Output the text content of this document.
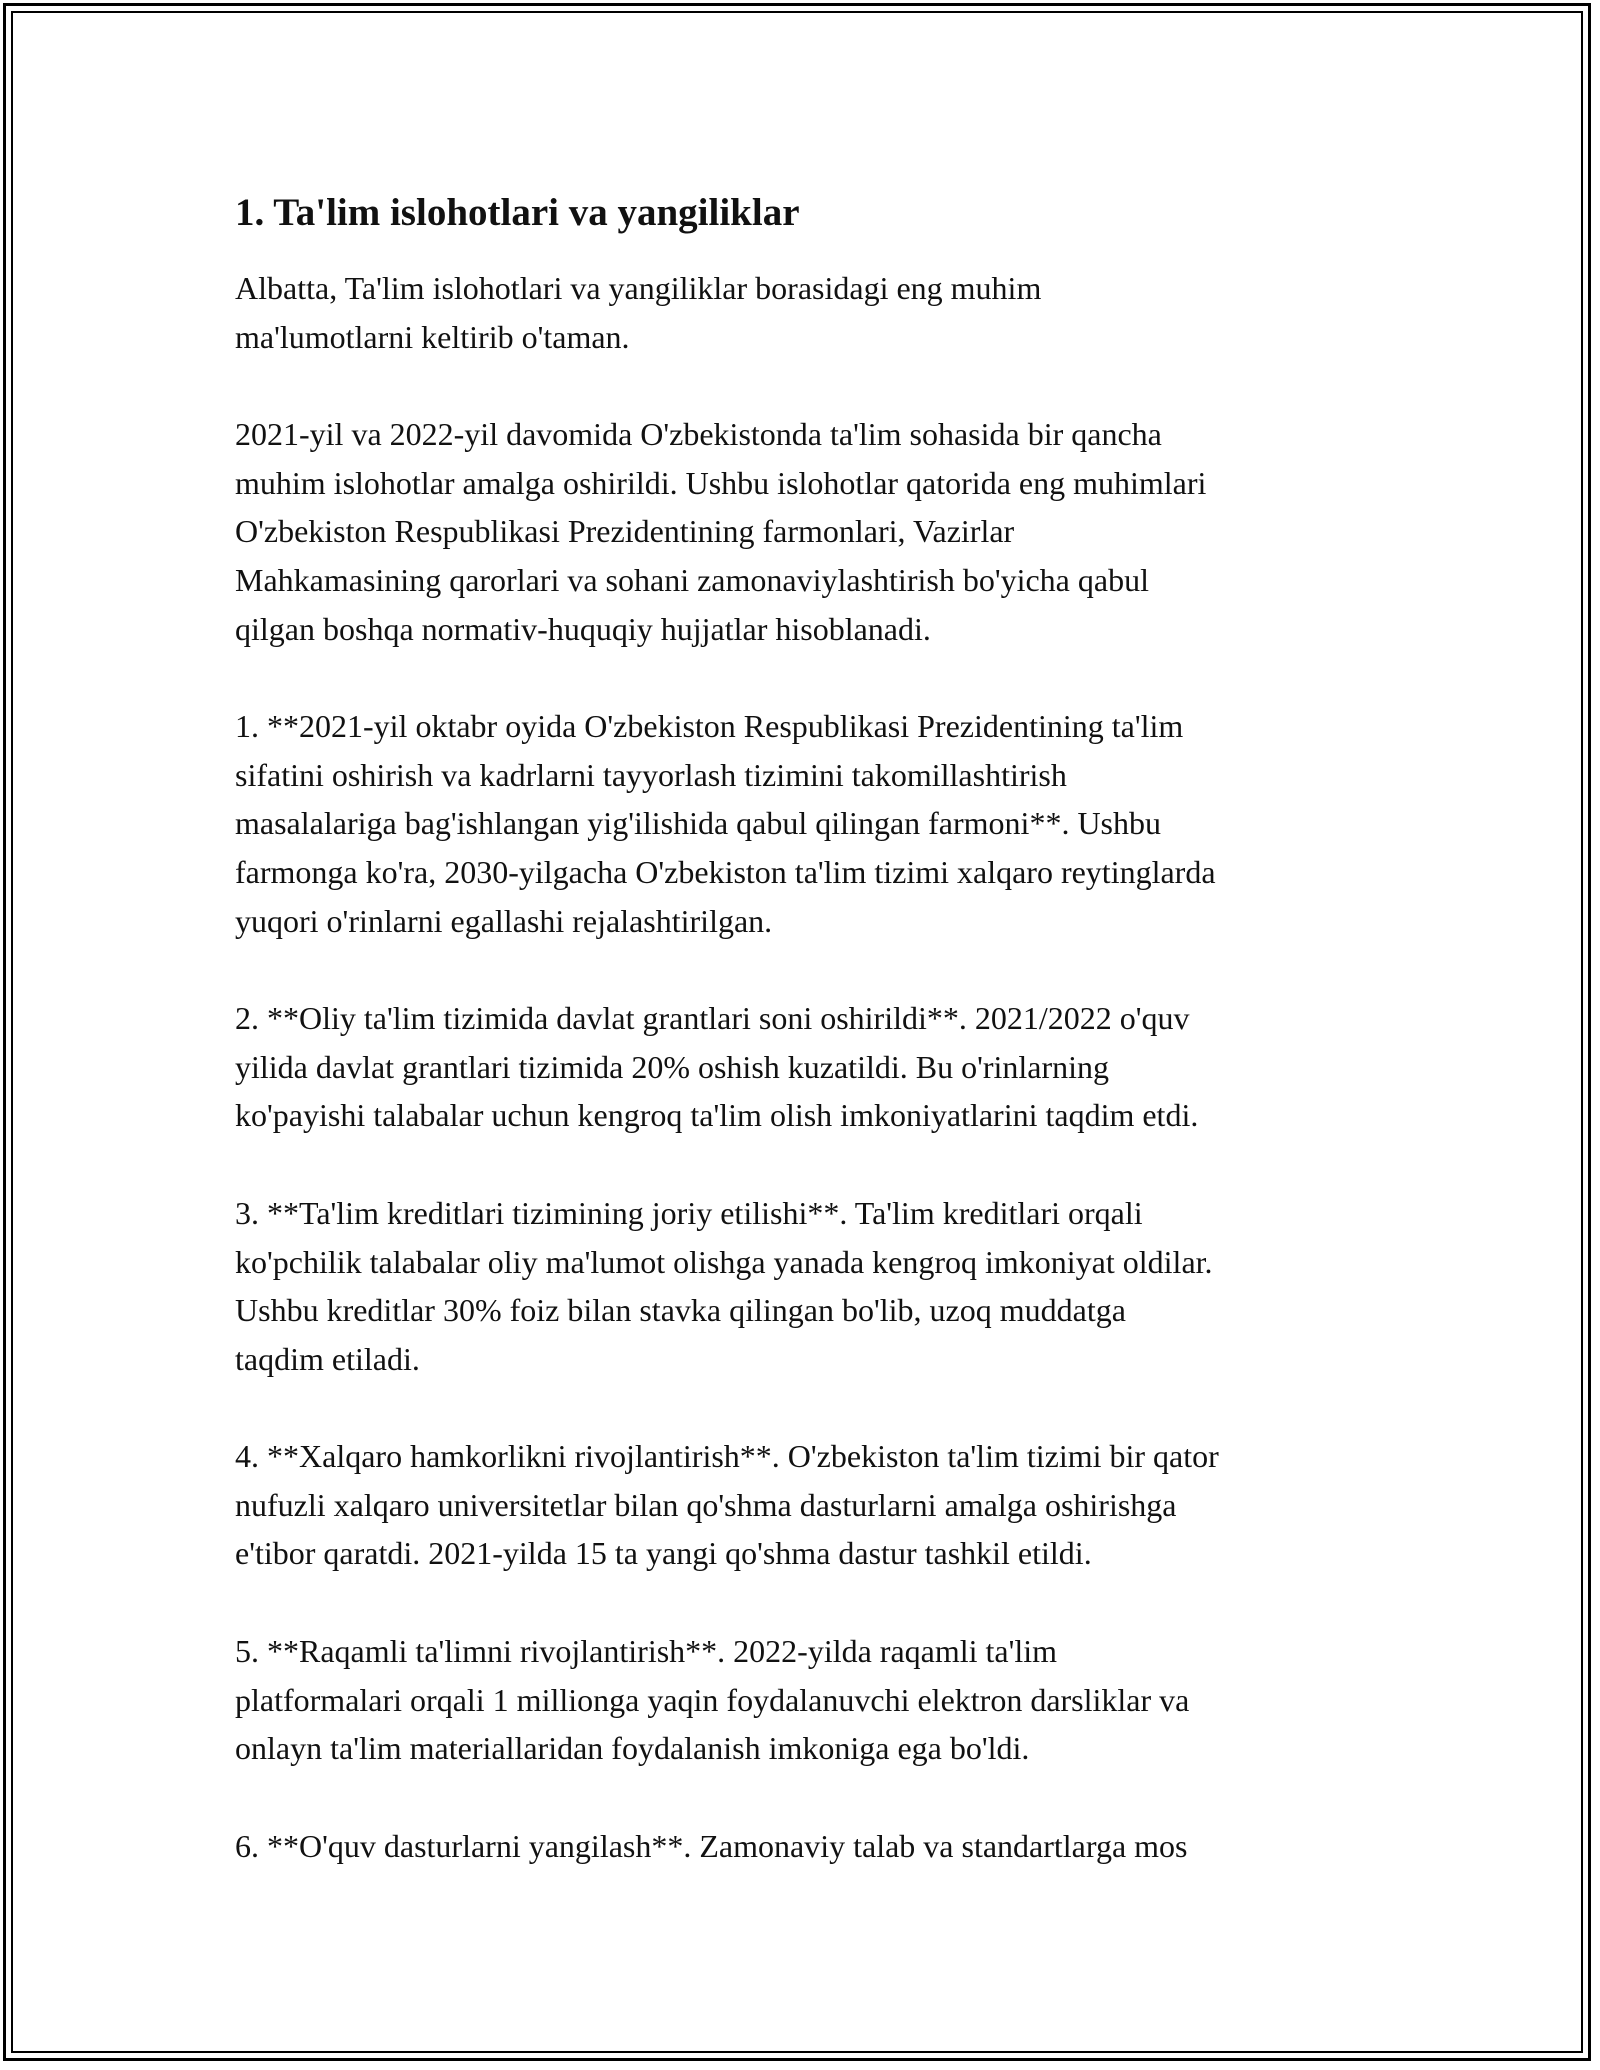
1. Ta'lim islohotlari va yangiliklar

Albatta, Ta'lim islohotlari va yangiliklar borasidagi eng muhim
ma'lumotlarni keltirib o'taman.

2021-yil va 2022-yil davomida O'zbekistonda ta'lim sohasida bir qancha
muhim islohotlar amalga oshirildi. Ushbu islohotlar qatorida eng muhimlari
O'zbekiston Respublikasi Prezidentining farmonlari, Vazirlar
Mahkamasining qarorlari va sohani zamonaviylashtirish bo'yicha qabul
qilgan boshqa normativ-huquqiy hujjatlar hisoblanadi.

1. **2021-yil oktabr oyida O'zbekiston Respublikasi Prezidentining ta'lim
sifatini oshirish va kadrlarni tayyorlash tizimini takomillashtirish
masalalariga bag'ishlangan yig'ilishida qabul qilingan farmoni**. Ushbu
farmonga ko'ra, 2030-yilgacha O'zbekiston ta'lim tizimi xalqaro reytinglarda
yuqori o'rinlarni egallashi rejalashtirilgan.

2. **Oliy ta'lim tizimida davlat grantlari soni oshirildi**. 2021/2022 o'quv
yilida davlat grantlari tizimida 20% oshish kuzatildi. Bu o'rinlarning
ko'payishi talabalar uchun kengroq ta'lim olish imkoniyatlarini taqdim etdi.

3. **Ta'lim kreditlari tizimining joriy etilishi**. Ta'lim kreditlari orqali
ko'pchilik talabalar oliy ma'lumot olishga yanada kengroq imkoniyat oldilar.
Ushbu kreditlar 30% foiz bilan stavka qilingan bo'lib, uzoq muddatga
taqdim etiladi.

4. **Xalqaro hamkorlikni rivojlantirish**. O'zbekiston ta'lim tizimi bir qator
nufuzli xalqaro universitetlar bilan qo'shma dasturlarni amalga oshirishga
e'tibor qaratdi. 2021-yilda 15 ta yangi qo'shma dastur tashkil etildi.

5. **Raqamli ta'limni rivojlantirish**. 2022-yilda raqamli ta'lim
platformalari orqali 1 millionga yaqin foydalanuvchi elektron darsliklar va
onlayn ta'lim materiallaridan foydalanish imkoniga ega bo'ldi.

6. **O'quv dasturlarni yangilash**. Zamonaviy talab va standartlarga mos
